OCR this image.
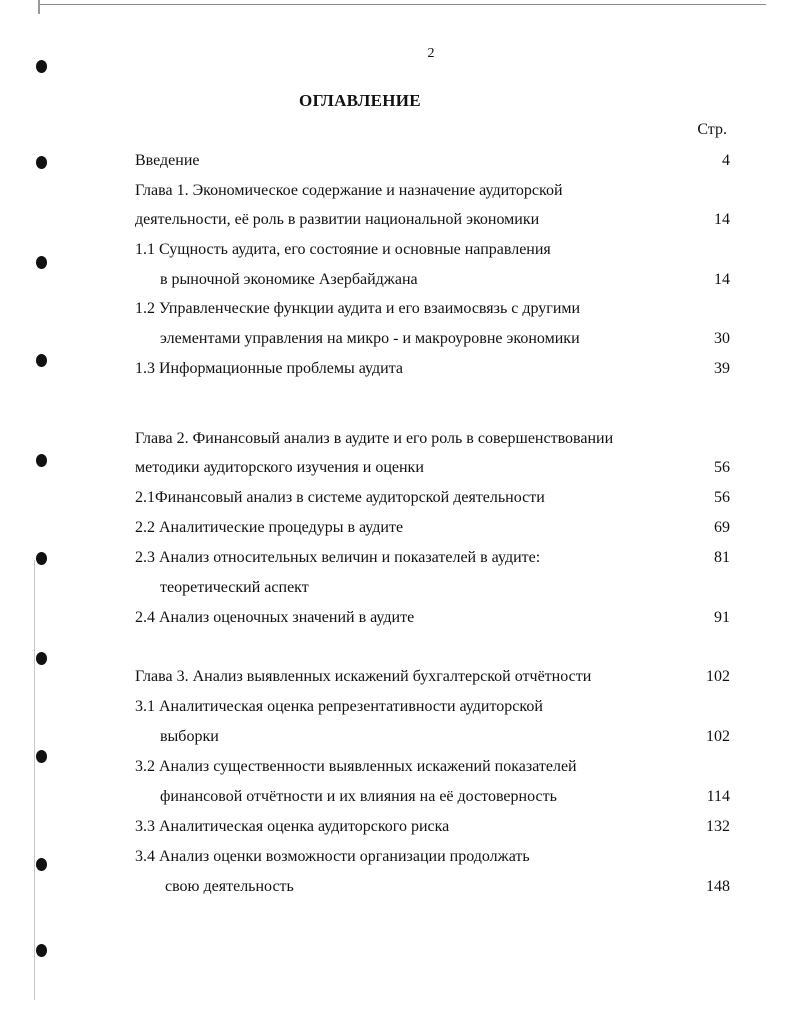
2
ОГЛАВЛЕНИЕ
Стр.
Введение	4
Глава 1. Экономическое содержание и назначение аудиторской
деятельности, её роль в развитии национальной экономики	14
1.1 Сущность аудита, его состояние и основные направления
в рыночной экономике Азербайджана	14
1.2 Управленческие функции аудита и его взаимосвязь с другими
элементами управления на микро - и макроуровне экономики	30
1.3 Информационные проблемы аудита	39
Глава 2. Финансовый анализ в аудите и его роль в совершенствовании
методики аудиторского изучения и оценки	56
2.1Финансовый анализ в системе аудиторской деятельности	56
2.2 Аналитические процедуры в аудите	69
2.3 Анализ относительных величин и показателей в аудите:	81
теоретический аспект
2.4 Анализ оценочных значений в аудите	91
Глава 3. Анализ выявленных искажений бухгалтерской отчётности	102
3.1 Аналитическая оценка репрезентативности аудиторской
выборки	102
3.2 Анализ существенности выявленных искажений показателей
финансовой отчётности и их влияния на её достоверность	114
3.3 Аналитическая оценка аудиторского риска	132
3.4 Анализ оценки возможности организации продолжать
свою деятельность	148
